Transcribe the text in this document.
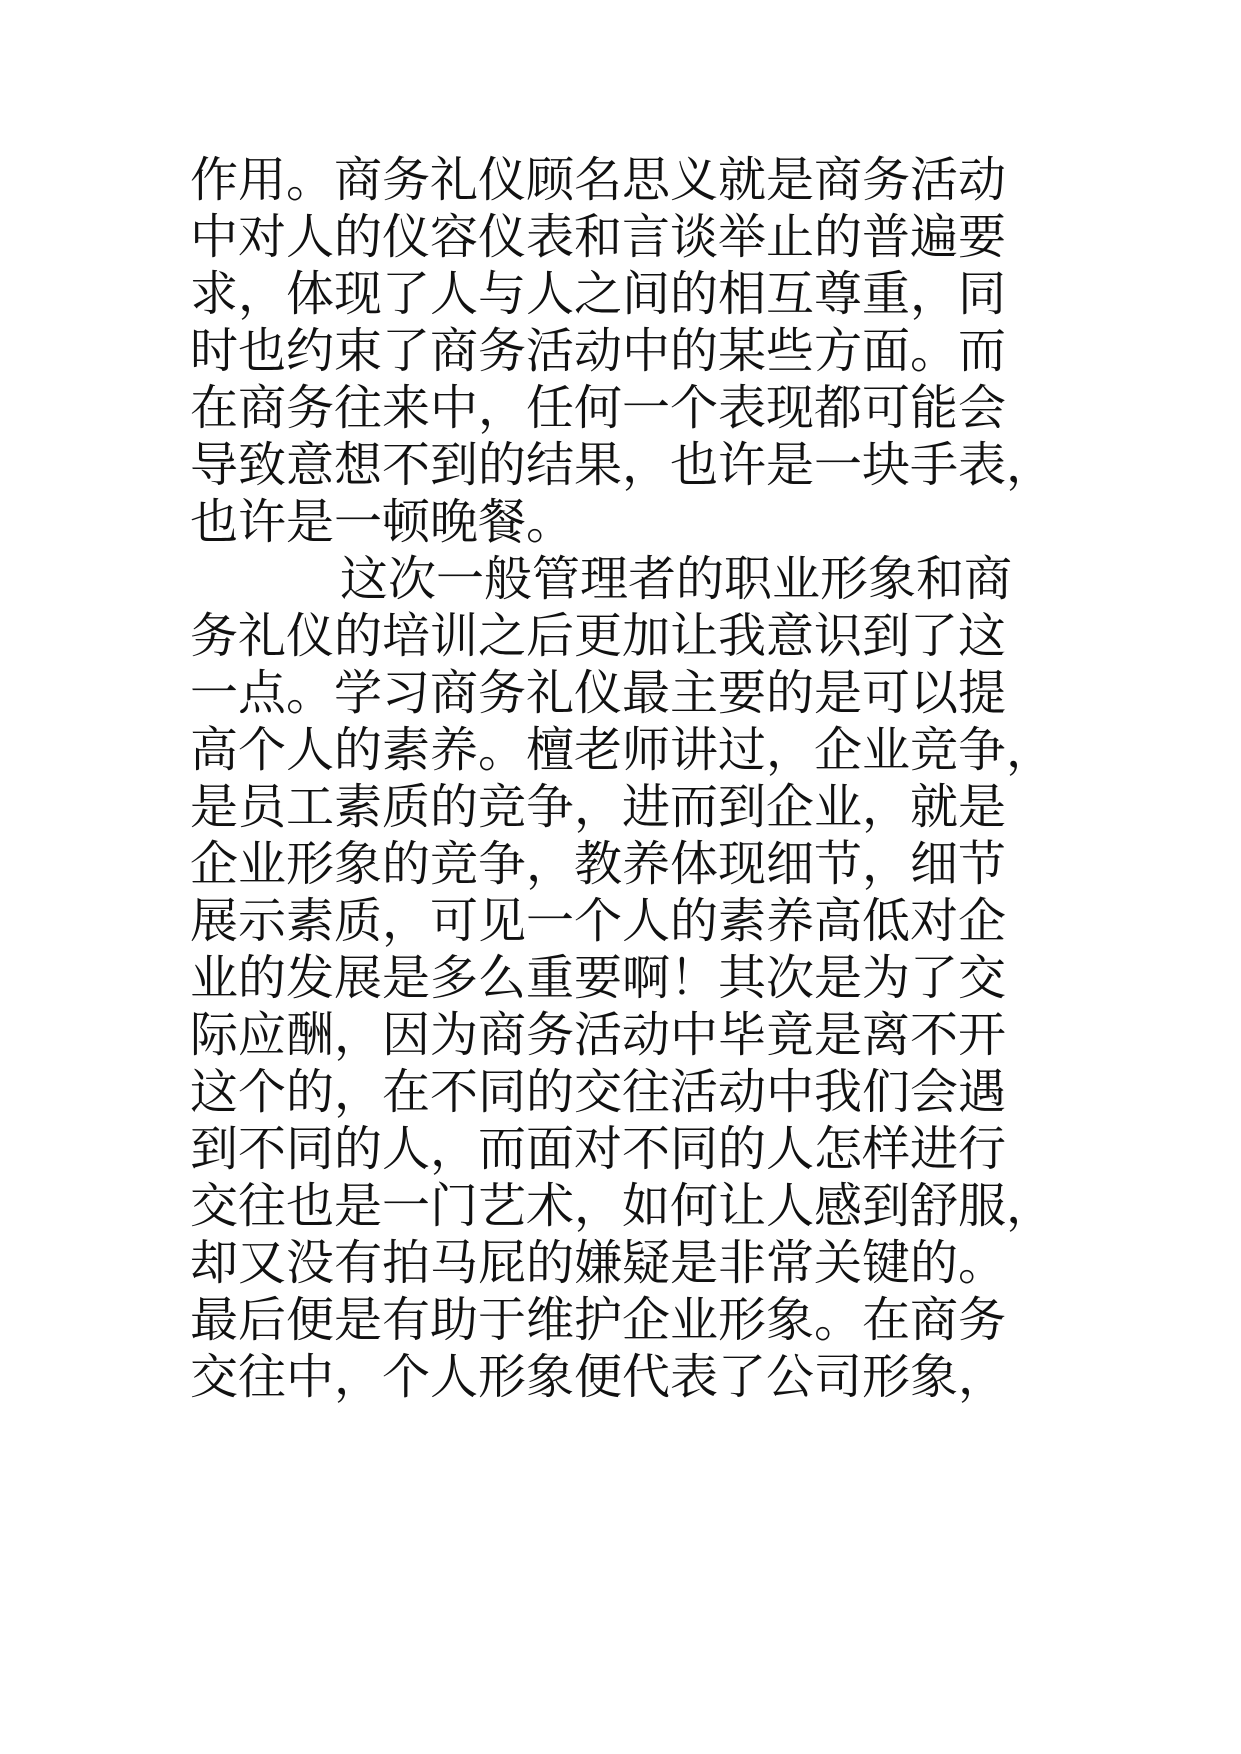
作用。商务礼仪顾名思义就是商务活动
中对人的仪容仪表和言谈举止的普遍要
求，体现了人与人之间的相互尊重，同
时也约束了商务活动中的某些方面。而
在商务往来中，任何一个表现都可能会
导致意想不到的结果，也许是一块手表，
也许是一顿晚餐。
这次一般管理者的职业形象和商
务礼仪的培训之后更加让我意识到了这
一点。学习商务礼仪最主要的是可以提
高个人的素养。檀老师讲过，企业竞争，
是员工素质的竞争，进而到企业，就是
企业形象的竞争，教养体现细节，细节
展示素质，可见一个人的素养高低对企
业的发展是多么重要啊！其次是为了交
际应酬，因为商务活动中毕竟是离不开
这个的，在不同的交往活动中我们会遇
到不同的人，而面对不同的人怎样进行
交往也是一门艺术，如何让人感到舒服，
却又没有拍马屁的嫌疑是非常关键的。
最后便是有助于维护企业形象。在商务
交往中，个人形象便代表了公司形象，
